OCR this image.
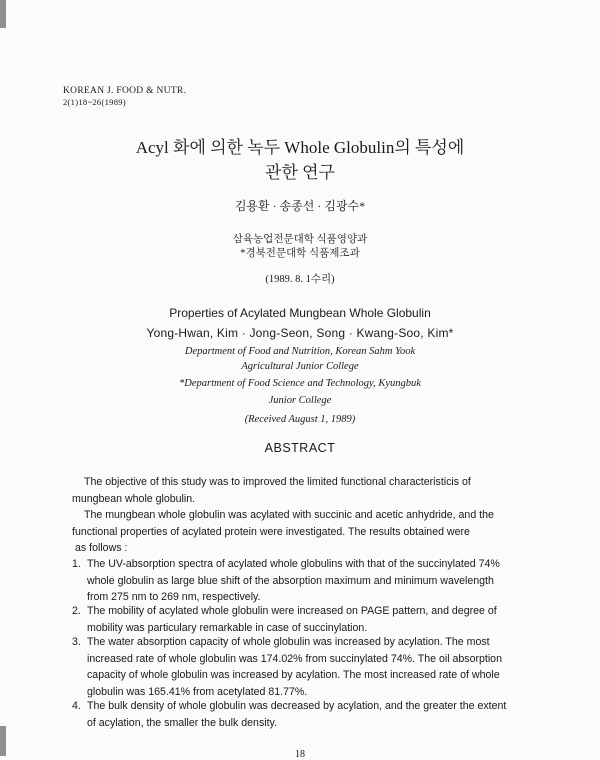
KOREAN J. FOOD & NUTR.
2(1)18~26(1989)
Acyl 화에 의한 녹두 Whole Globulin의 특성에
관한 연구
김용환 · 송종선 · 김광수*
삼육농업전문대학 식품영양과
*경북전문대학 식품제조과
(1989. 8. 1수리)
Properties of Acylated Mungbean Whole Globulin
Yong-Hwan, Kim · Jong-Seon, Song · Kwang-Soo, Kim*
Department of Food and Nutrition, Korean Sahm Yook
Agricultural Junior College
*Department of Food Science and Technology, Kyungbuk
Junior College
(Received August 1, 1989)
ABSTRACT
The objective of this study was to improved the limited functional characteristicis of
mungbean whole globulin.
The mungbean whole globulin was acylated with succinic and acetic anhydride, and the
functional properties of acylated protein were investigated. The results obtained were
as follows :
1. The UV-absorption spectra of acylated whole globulins with that of the succinylated 74%
whole globulin as large blue shift of the absorption maximum and minimum wavelength
from 275 nm to 269 nm, respectively.
2. The mobility of acylated whole globulin were increased on PAGE pattern, and degree of
mobility was particulary remarkable in case of succinylation.
3. The water absorption capacity of whole globulin was increased by acylation. The most
increased rate of whole globulin was 174.02% from succinylated 74%. The oil absorption
capacity of whole globulin was increased by acylation. The most increased rate of whole
globulin was 165.41% from acetylated 81.77%.
4. The bulk density of whole globulin was decreased by acylation, and the greater the extent
of acylation, the smaller the bulk density.
18
